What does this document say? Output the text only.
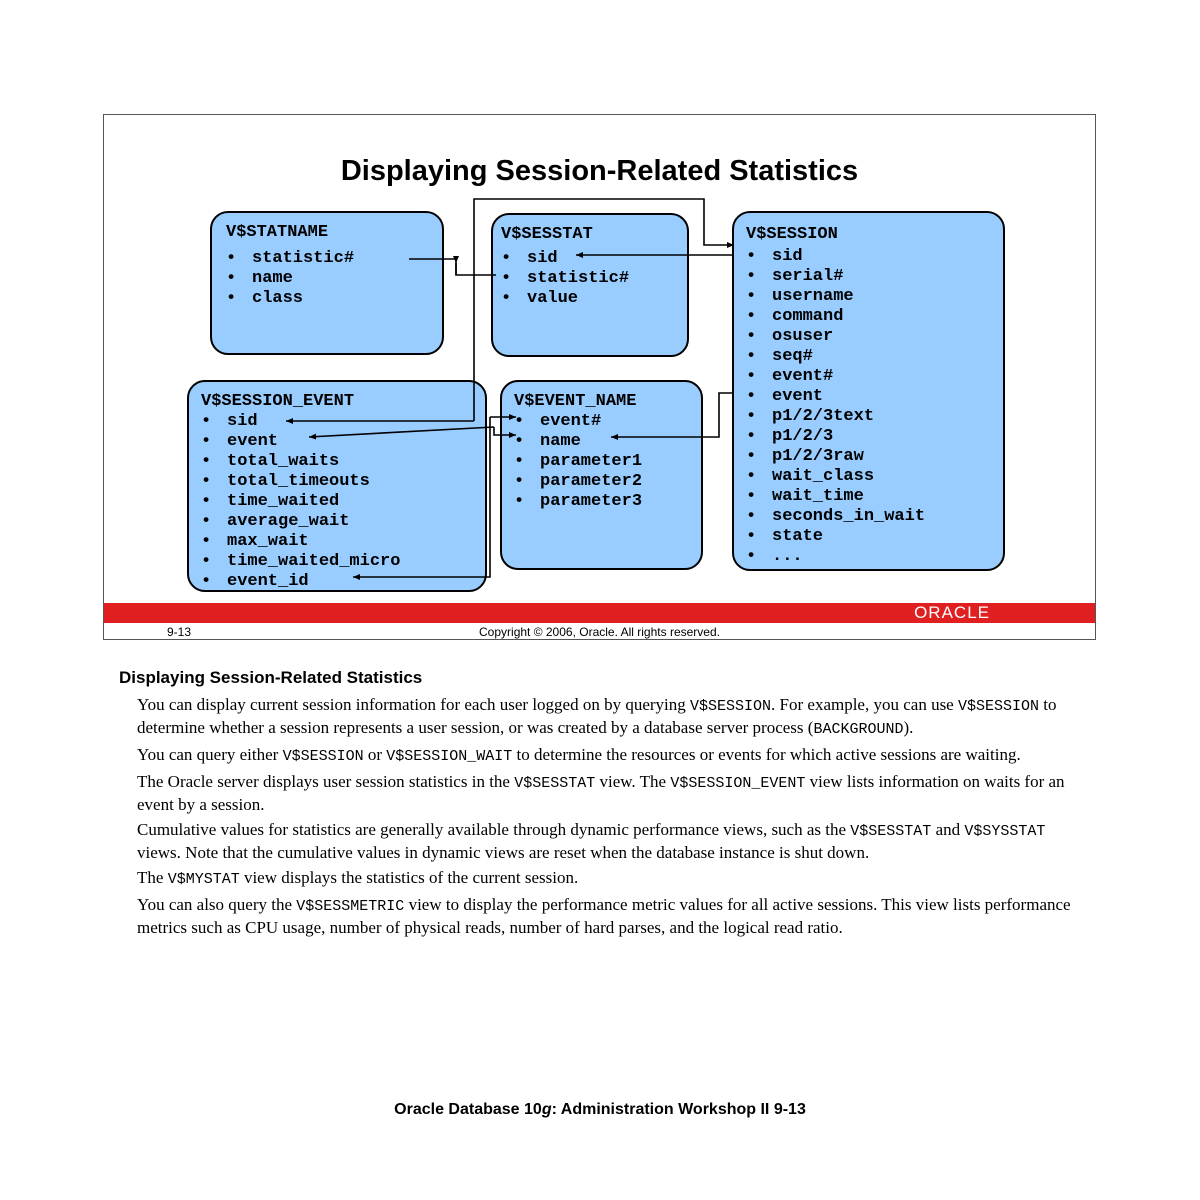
Displaying Session-Related Statistics
V$STATNAME
• statistic#
• name
• class
V$SESSTAT
• sid
• statistic#
• value
V$SESSION
• sid
• serial#
• username
• command
• osuser
• seq#
• event#
• event
• p1/2/3text
• p1/2/3
• p1/2/3raw
• wait_class
• wait_time
• seconds_in_wait
• state
• ...
V$SESSION_EVENT
• sid
• event
• total_waits
• total_timeouts
• time_waited
• average_wait
• max_wait
• time_waited_micro
• event_id
V$EVENT_NAME
• event#
• name
• parameter1
• parameter2
• parameter3
ORACLE
9-13	Copyright © 2006, Oracle. All rights reserved.
Displaying Session-Related Statistics

You can display current session information for each user logged on by querying V$SESSION. For example, you can use V$SESSION to determine whether a session represents a user session, or was created by a database server process (BACKGROUND).

You can query either V$SESSION or V$SESSION_WAIT to determine the resources or events for which active sessions are waiting.

The Oracle server displays user session statistics in the V$SESSTAT view. The V$SESSION_EVENT view lists information on waits for an event by a session.

Cumulative values for statistics are generally available through dynamic performance views, such as the V$SESSTAT and V$SYSSTAT views. Note that the cumulative values in dynamic views are reset when the database instance is shut down.

The V$MYSTAT view displays the statistics of the current session.

You can also query the V$SESSMETRIC view to display the performance metric values for all active sessions. This view lists performance metrics such as CPU usage, number of physical reads, number of hard parses, and the logical read ratio.

Oracle Database 10g: Administration Workshop II 9-13
